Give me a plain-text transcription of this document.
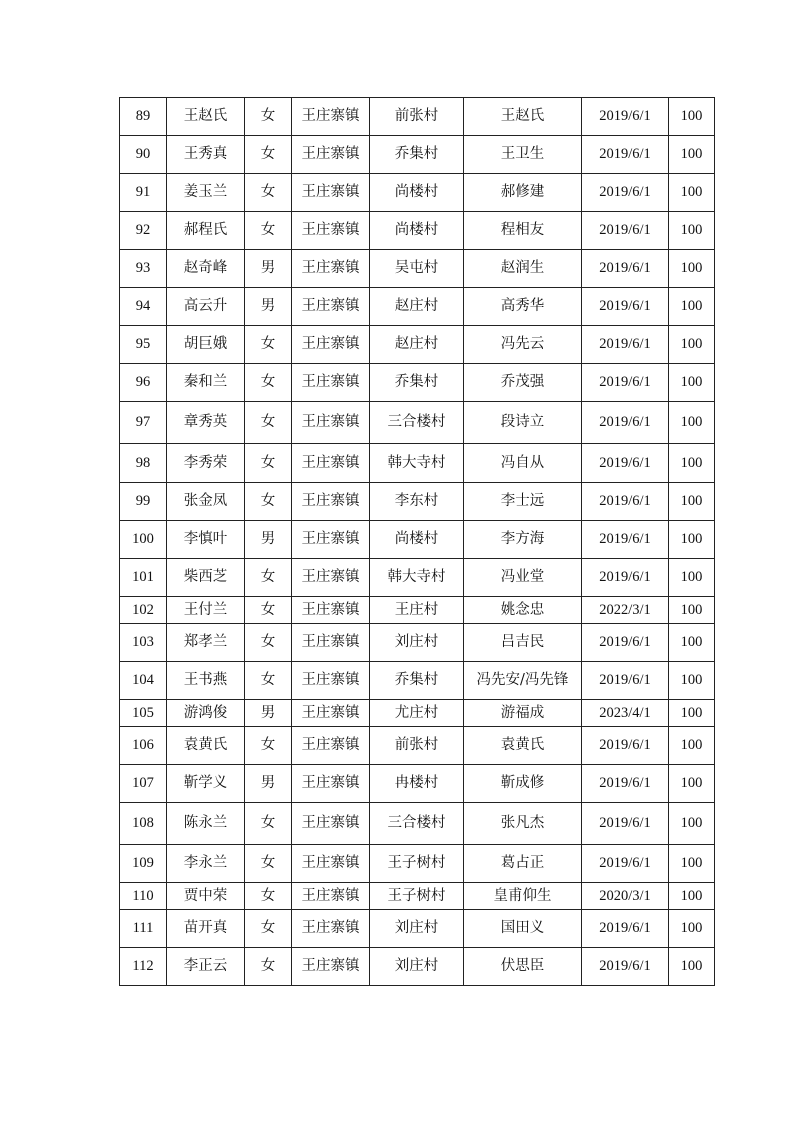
89	王赵氏	女	王庄寨镇	前张村	王赵氏	2019/6/1	100
90	王秀真	女	王庄寨镇	乔集村	王卫生	2019/6/1	100
91	姜玉兰	女	王庄寨镇	尚楼村	郝修建	2019/6/1	100
92	郝程氏	女	王庄寨镇	尚楼村	程相友	2019/6/1	100
93	赵奇峰	男	王庄寨镇	吴屯村	赵润生	2019/6/1	100
94	高云升	男	王庄寨镇	赵庄村	高秀华	2019/6/1	100
95	胡巨娥	女	王庄寨镇	赵庄村	冯先云	2019/6/1	100
96	秦和兰	女	王庄寨镇	乔集村	乔茂强	2019/6/1	100
97	章秀英	女	王庄寨镇	三合楼村	段诗立	2019/6/1	100
98	李秀荣	女	王庄寨镇	韩大寺村	冯自从	2019/6/1	100
99	张金凤	女	王庄寨镇	李东村	李士远	2019/6/1	100
100	李慎叶	男	王庄寨镇	尚楼村	李方海	2019/6/1	100
101	柴西芝	女	王庄寨镇	韩大寺村	冯业堂	2019/6/1	100
102	王付兰	女	王庄寨镇	王庄村	姚念忠	2022/3/1	100
103	郑孝兰	女	王庄寨镇	刘庄村	吕吉民	2019/6/1	100
104	王书燕	女	王庄寨镇	乔集村	冯先安/冯先锋	2019/6/1	100
105	游鸿俊	男	王庄寨镇	尤庄村	游福成	2023/4/1	100
106	袁黄氏	女	王庄寨镇	前张村	袁黄氏	2019/6/1	100
107	靳学义	男	王庄寨镇	冉楼村	靳成修	2019/6/1	100
108	陈永兰	女	王庄寨镇	三合楼村	张凡杰	2019/6/1	100
109	李永兰	女	王庄寨镇	王子树村	葛占正	2019/6/1	100
110	贾中荣	女	王庄寨镇	王子树村	皇甫仰生	2020/3/1	100
111	苗开真	女	王庄寨镇	刘庄村	国田义	2019/6/1	100
112	李正云	女	王庄寨镇	刘庄村	伏思臣	2019/6/1	100
